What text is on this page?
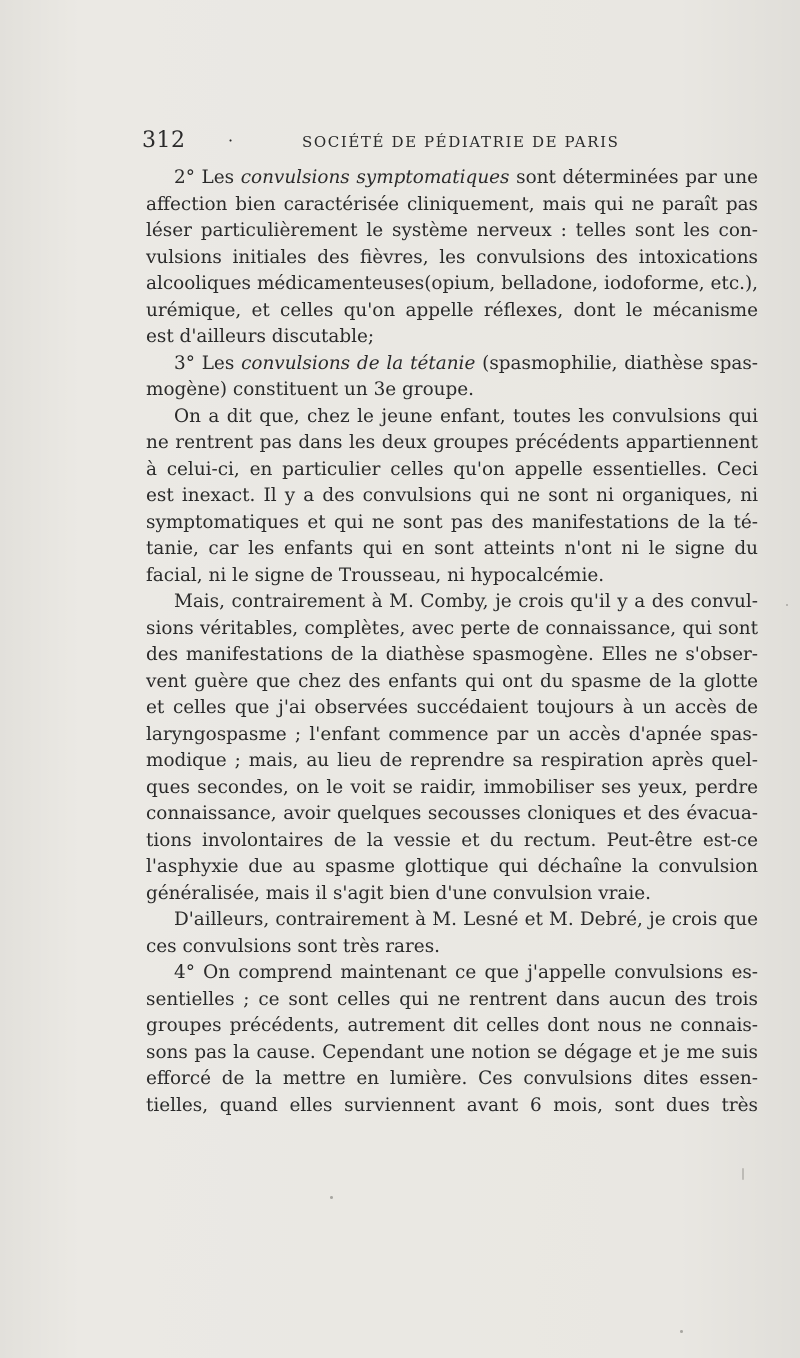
312	·	SOCIÉTÉ DE PÉDIATRIE DE PARIS
2° Les convulsions symptomatiques sont déterminées par une
affection bien caractérisée cliniquement, mais qui ne paraît pas
léser particulièrement le système nerveux : telles sont les con-
vulsions initiales des fièvres, les convulsions des intoxications
alcooliques médicamenteuses(opium, belladone, iodoforme, etc.),
urémique, et celles qu'on appelle réflexes, dont le mécanisme
est d'ailleurs discutable;
3° Les convulsions de la tétanie (spasmophilie, diathèse spas-
mogène) constituent un 3e groupe.
On a dit que, chez le jeune enfant, toutes les convulsions qui
ne rentrent pas dans les deux groupes précédents appartiennent
à celui-ci, en particulier celles qu'on appelle essentielles. Ceci
est inexact. Il y a des convulsions qui ne sont ni organiques, ni
symptomatiques et qui ne sont pas des manifestations de la té-
tanie, car les enfants qui en sont atteints n'ont ni le signe du
facial, ni le signe de Trousseau, ni hypocalcémie.
Mais, contrairement à M. Comby, je crois qu'il y a des convul-
sions véritables, complètes, avec perte de connaissance, qui sont
des manifestations de la diathèse spasmogène. Elles ne s'obser-
vent guère que chez des enfants qui ont du spasme de la glotte
et celles que j'ai observées succédaient toujours à un accès de
laryngospasme ; l'enfant commence par un accès d'apnée spas-
modique ; mais, au lieu de reprendre sa respiration après quel-
ques secondes, on le voit se raidir, immobiliser ses yeux, perdre
connaissance, avoir quelques secousses cloniques et des évacua-
tions involontaires de la vessie et du rectum. Peut-être est-ce
l'asphyxie due au spasme glottique qui déchaîne la convulsion
généralisée, mais il s'agit bien d'une convulsion vraie.
D'ailleurs, contrairement à M. Lesné et M. Debré, je crois que
ces convulsions sont très rares.
4° On comprend maintenant ce que j'appelle convulsions es-
sentielles ; ce sont celles qui ne rentrent dans aucun des trois
groupes précédents, autrement dit celles dont nous ne connais-
sons pas la cause. Cependant une notion se dégage et je me suis
efforcé de la mettre en lumière. Ces convulsions dites essen-
tielles, quand elles surviennent avant 6 mois, sont dues très
